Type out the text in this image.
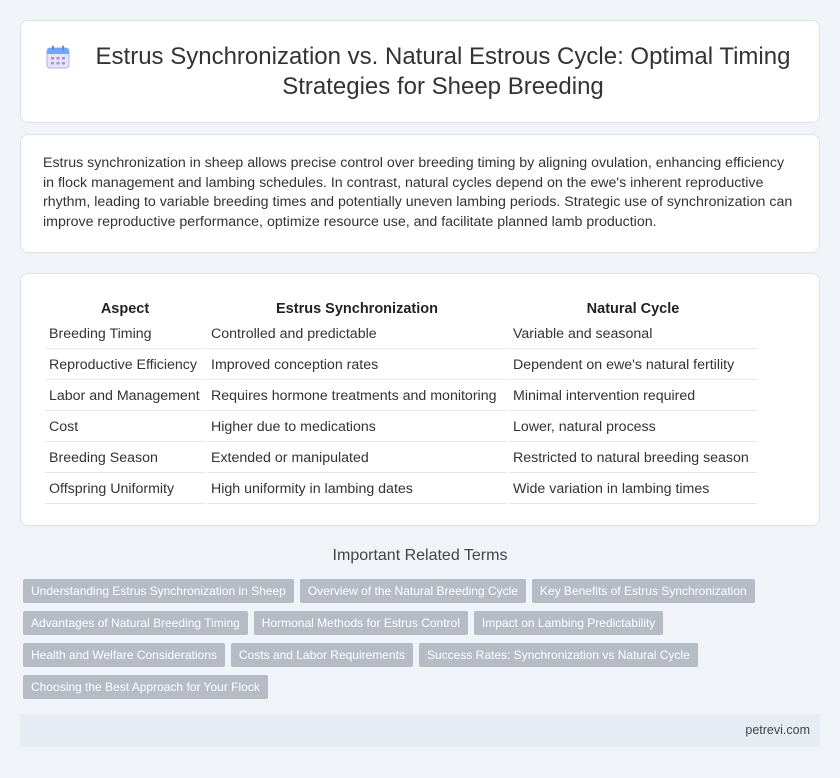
Estrus Synchronization vs. Natural Estrous Cycle: Optimal Timing Strategies for Sheep Breeding

Estrus synchronization in sheep allows precise control over breeding timing by aligning ovulation, enhancing efficiency in flock management and lambing schedules. In contrast, natural cycles depend on the ewe's inherent reproductive rhythm, leading to variable breeding times and potentially uneven lambing periods. Strategic use of synchronization can improve reproductive performance, optimize resource use, and facilitate planned lamb production.

Aspect	Estrus Synchronization	Natural Cycle
Breeding Timing	Controlled and predictable	Variable and seasonal
Reproductive Efficiency	Improved conception rates	Dependent on ewe's natural fertility
Labor and Management	Requires hormone treatments and monitoring	Minimal intervention required
Cost	Higher due to medications	Lower, natural process
Breeding Season	Extended or manipulated	Restricted to natural breeding season
Offspring Uniformity	High uniformity in lambing dates	Wide variation in lambing times
Important Related Terms
Understanding Estrus Synchronization in Sheep	Overview of the Natural Breeding Cycle	Key Benefits of Estrus Synchronization
Advantages of Natural Breeding Timing	Hormonal Methods for Estrus Control	Impact on Lambing Predictability
Health and Welfare Considerations	Costs and Labor Requirements	Success Rates: Synchronization vs Natural Cycle
Choosing the Best Approach for Your Flock
petrevi.com
